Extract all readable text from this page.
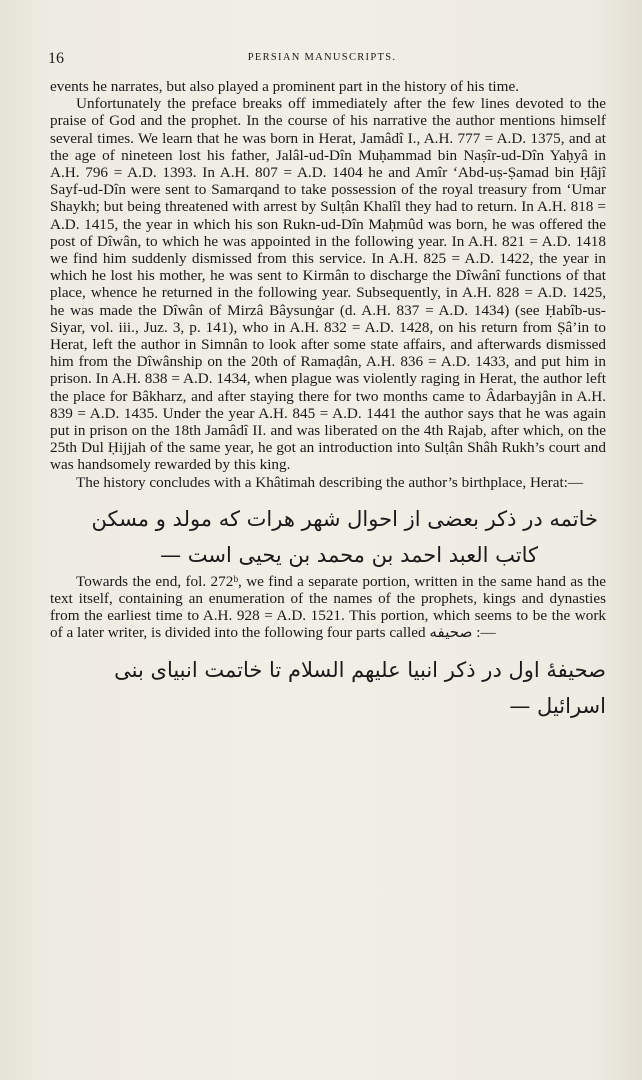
16	PERSIAN MANUSCRIPTS.

events he narrates, but also played a prominent part in the history of his time.

Unfortunately the preface breaks off immediately after the few lines devoted to the praise of God and the prophet. In the course of his narrative the author mentions himself several times. We learn that he was born in Herat, Jamâdî I., A.H. 777 = A.D. 1375, and at the age of nineteen lost his father, Jalâl-ud-Dîn Muḥammad bin Naṣîr-ud-Dîn Yaḥyâ in A.H. 796 = A.D. 1393. In A.H. 807 = A.D. 1404 he and Amîr ‘Abd-uṣ-Ṣamad bin Ḥâjî Sayf-ud-Dîn were sent to Samarqand to take possession of the royal treasury from ‘Umar Shaykh; but being threatened with arrest by Sulṭân Khalîl they had to return. In A.H. 818 = A.D. 1415, the year in which his son Rukn-ud-Dîn Maḥmûd was born, he was offered the post of Dîwân, to which he was appointed in the following year. In A.H. 821 = A.D. 1418 we find him suddenly dismissed from this service. In A.H. 825 = A.D. 1422, the year in which he lost his mother, he was sent to Kirmân to discharge the Dîwânî functions of that place, whence he returned in the following year. Subsequently, in A.H. 828 = A.D. 1425, he was made the Dîwân of Mirzâ Bâysunġar (d. A.H. 837 = A.D. 1434) (see Ḥabîb-us-Siyar, vol. iii., Juz. 3, p. 141), who in A.H. 832 = A.D. 1428, on his return from Ṣâ’in to Herat, left the author in Simnân to look after some state affairs, and afterwards dismissed him from the Dîwânship on the 20th of Ramaḍân, A.H. 836 = A.D. 1433, and put him in prison. In A.H. 838 = A.D. 1434, when plague was violently raging in Herat, the author left the place for Bâkharz, and after staying there for two months came to Âdarbayjân in A.H. 839 = A.D. 1435. Under the year A.H. 845 = A.D. 1441 the author says that he was again put in prison on the 18th Jamâdî II. and was liberated on the 4th Rajab, after which, on the 25th Dul Ḥijjah of the same year, he got an introduction into Sulṭân Shâh Rukh’s court and was handsomely rewarded by this king.

The history concludes with a Khâtimah describing the author’s birthplace, Herat:—

خاتمه در ذکر بعضی از احوال شهر هرات که مولد و مسکن
کاتب العبد احمد بن محمد بن یحیی است —

Towards the end, fol. 272ᵇ, we find a separate portion, written in the same hand as the text itself, containing an enumeration of the names of the prophets, kings and dynasties from the earliest time to A.H. 928 = A.D. 1521. This portion, which seems to be the work of a later writer, is divided into the following four parts called صحیفه :—

صحیفهٔ اول در ذکر انبیا علیهم السلام تا خاتمت انبیای بنی
اسرائیل —
